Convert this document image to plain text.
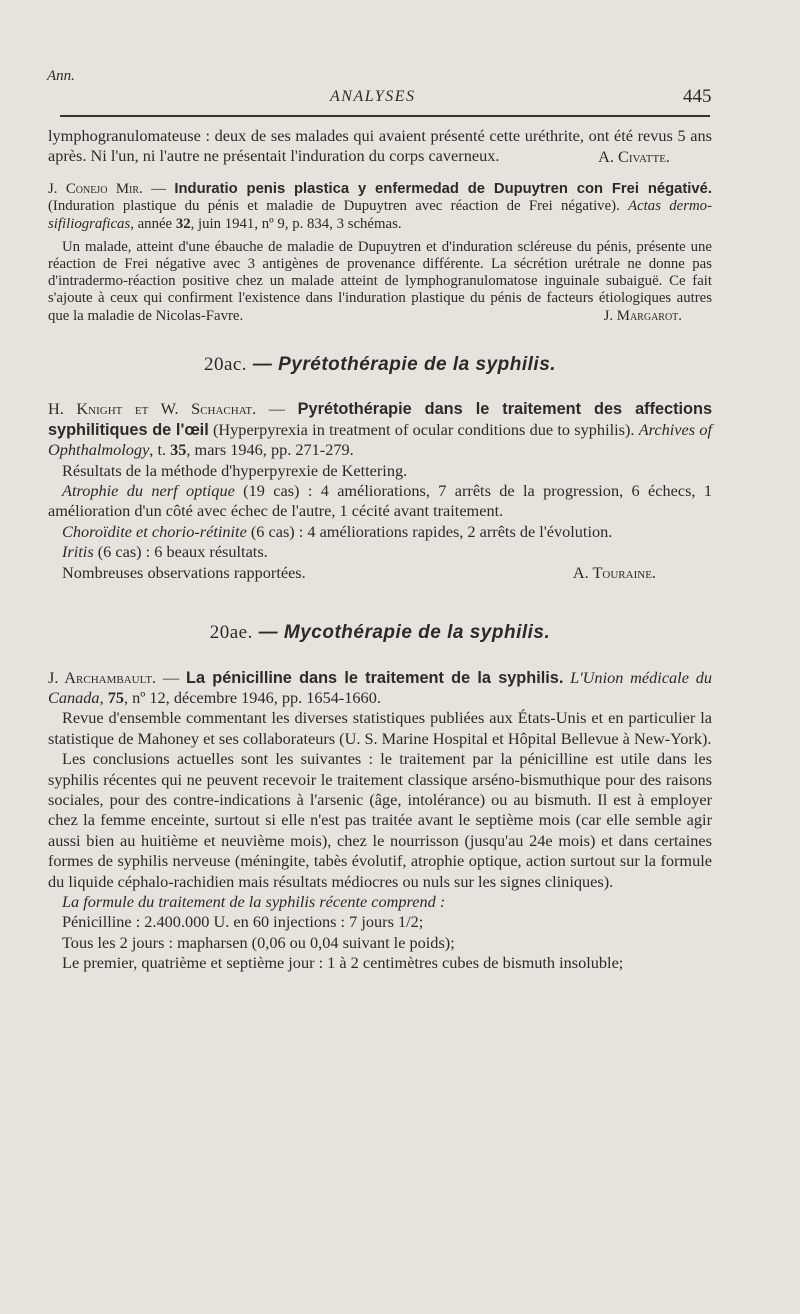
Ann.
ANALYSES	445

lymphogranulomateuse : deux de ses malades qui avaient présenté cette uréthrite, ont été revus 5 ans après. Ni l'un, ni l'autre ne présentait l'induration du corps caverneux.	A. Civatte.

J. Conejo Mir. — Induratio penis plastica y enfermedad de Dupuytren con Frei négativé. (Induration plastique du pénis et maladie de Dupuytren avec réaction de Frei négative). Actas dermo-sifiliograficas, année 32, juin 1941, nº 9, p. 834, 3 schémas.

Un malade, atteint d'une ébauche de maladie de Dupuytren et d'induration scléreuse du pénis, présente une réaction de Frei négative avec 3 antigènes de provenance différente. La sécrétion urétrale ne donne pas d'intradermo-réaction positive chez un malade atteint de lymphogranulomatose inguinale subaiguë. Ce fait s'ajoute à ceux qui confirment l'existence dans l'induration plastique du pénis de facteurs étiologiques autres que la maladie de Nicolas-Favre.	J. Margarot.
20ac. — Pyrétothérapie de la syphilis.

H. Knight et W. Schachat. — Pyrétothérapie dans le traitement des affections syphilitiques de l'œil (Hyperpyrexia in treatment of ocular conditions due to syphilis). Archives of Ophthalmology, t. 35, mars 1946, pp. 271-279.

Résultats de la méthode d'hyperpyrexie de Kettering.

Atrophie du nerf optique (19 cas) : 4 améliorations, 7 arrêts de la progression, 6 échecs, 1 amélioration d'un côté avec échec de l'autre, 1 cécité avant traitement.

Choroïdite et chorio-rétinite (6 cas) : 4 améliorations rapides, 2 arrêts de l'évolution.

Iritis (6 cas) : 6 beaux résultats.

Nombreuses observations rapportées.	A. Touraine.

20ae. — Mycothérapie de la syphilis.

J. Archambault. — La pénicilline dans le traitement de la syphilis. L'Union médicale du Canada, 75, nº 12, décembre 1946, pp. 1654-1660.

Revue d'ensemble commentant les diverses statistiques publiées aux États-Unis et en particulier la statistique de Mahoney et ses collaborateurs (U. S. Marine Hospital et Hôpital Bellevue à New-York).

Les conclusions actuelles sont les suivantes : le traitement par la pénicilline est utile dans les syphilis récentes qui ne peuvent recevoir le traitement classique arséno-bismuthique pour des raisons sociales, pour des contre-indications à l'arsenic (âge, intolérance) ou au bismuth. Il est à employer chez la femme enceinte, surtout si elle n'est pas traitée avant le septième mois (car elle semble agir aussi bien au huitième et neuvième mois), chez le nourrisson (jusqu'au 24e mois) et dans certaines formes de syphilis nerveuse (méningite, tabès évolutif, atrophie optique, action surtout sur la formule du liquide céphalo-rachidien mais résultats médiocres ou nuls sur les signes cliniques).

La formule du traitement de la syphilis récente comprend :

Pénicilline : 2.400.000 U. en 60 injections : 7 jours 1/2;

Tous les 2 jours : mapharsen (0,06 ou 0,04 suivant le poids);

Le premier, quatrième et septième jour : 1 à 2 centimètres cubes de bismuth insoluble;
